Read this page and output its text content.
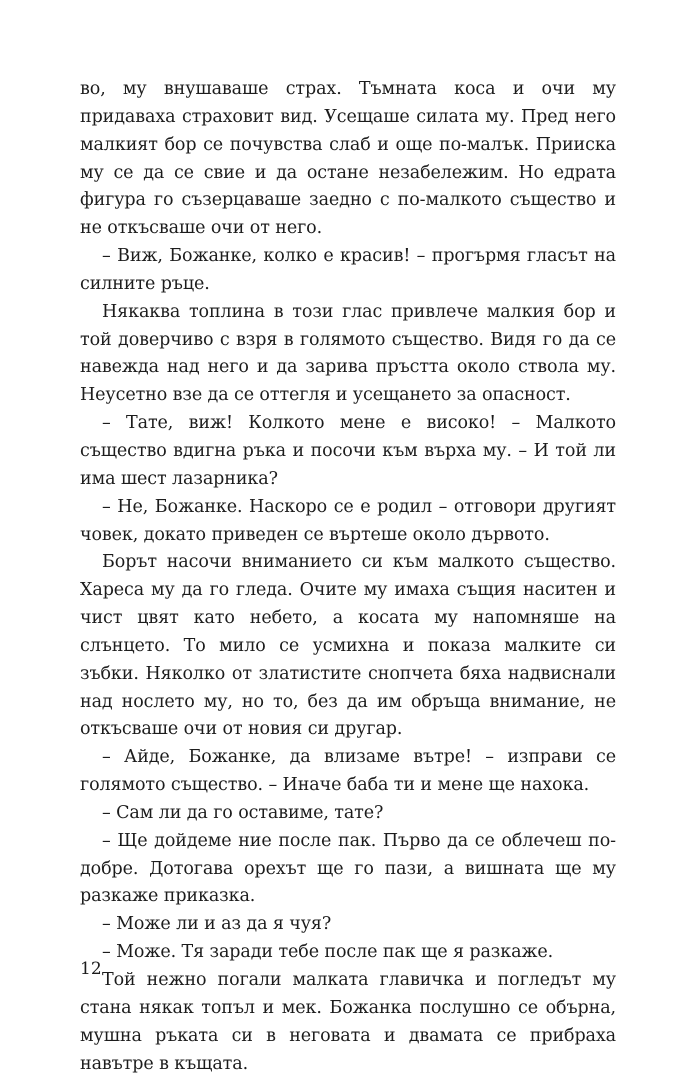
во, му внушаваше страх. Тъмната коса и очи му придаваха страховит вид. Усещаше силата му. Пред него малкият бор се почувства слаб и още по-малък. Прииска му се да се свие и да остане незабележим. Но едрата фигура го съзерцаваше заедно с по-малкото същество и не откъсваше очи от него.

– Виж, Божанке, колко е красив! – прогърмя гласът на силните ръце.

Някаква топлина в този глас привлече малкия бор и той доверчиво с взря в голямото същество. Видя го да се навежда над него и да зарива пръстта около ствола му. Неусетно взе да се оттегля и усещането за опасност.

– Тате, виж! Колкото мене е високо! – Малкото същество вдигна ръка и посочи към върха му. – И той ли има шест лазарника?

– Не, Божанке. Наскоро се е родил – отговори другият човек, докато приведен се въртеше около дървото.

Борът насочи вниманието си към малкото същество. Хареса му да го гледа. Очите му имаха същия наситен и чист цвят като небето, а косата му напомняше на слънцето. То мило се усмихна и показа малките си зъбки. Няколко от златистите снопчета бяха надвиснали над нослето му, но то, без да им обръща внимание, не откъсваше очи от новия си другар.

– Айде, Божанке, да влизаме вътре! – изправи се голямото същество. – Иначе баба ти и мене ще нахока.

– Сам ли да го оставиме, тате?

– Ще дойдеме ние после пак. Първо да се облечеш по-добре. Дотогава орехът ще го пази, а вишната ще му разкаже приказка.

– Може ли и аз да я чуя?

– Може. Тя заради тебе после пак ще я разкаже.

Той нежно погали малката главичка и погледът му стана някак топъл и мек. Божанка послушно се обърна, мушна ръката си в неговата и двамата се прибраха навътре в къщата.

12
